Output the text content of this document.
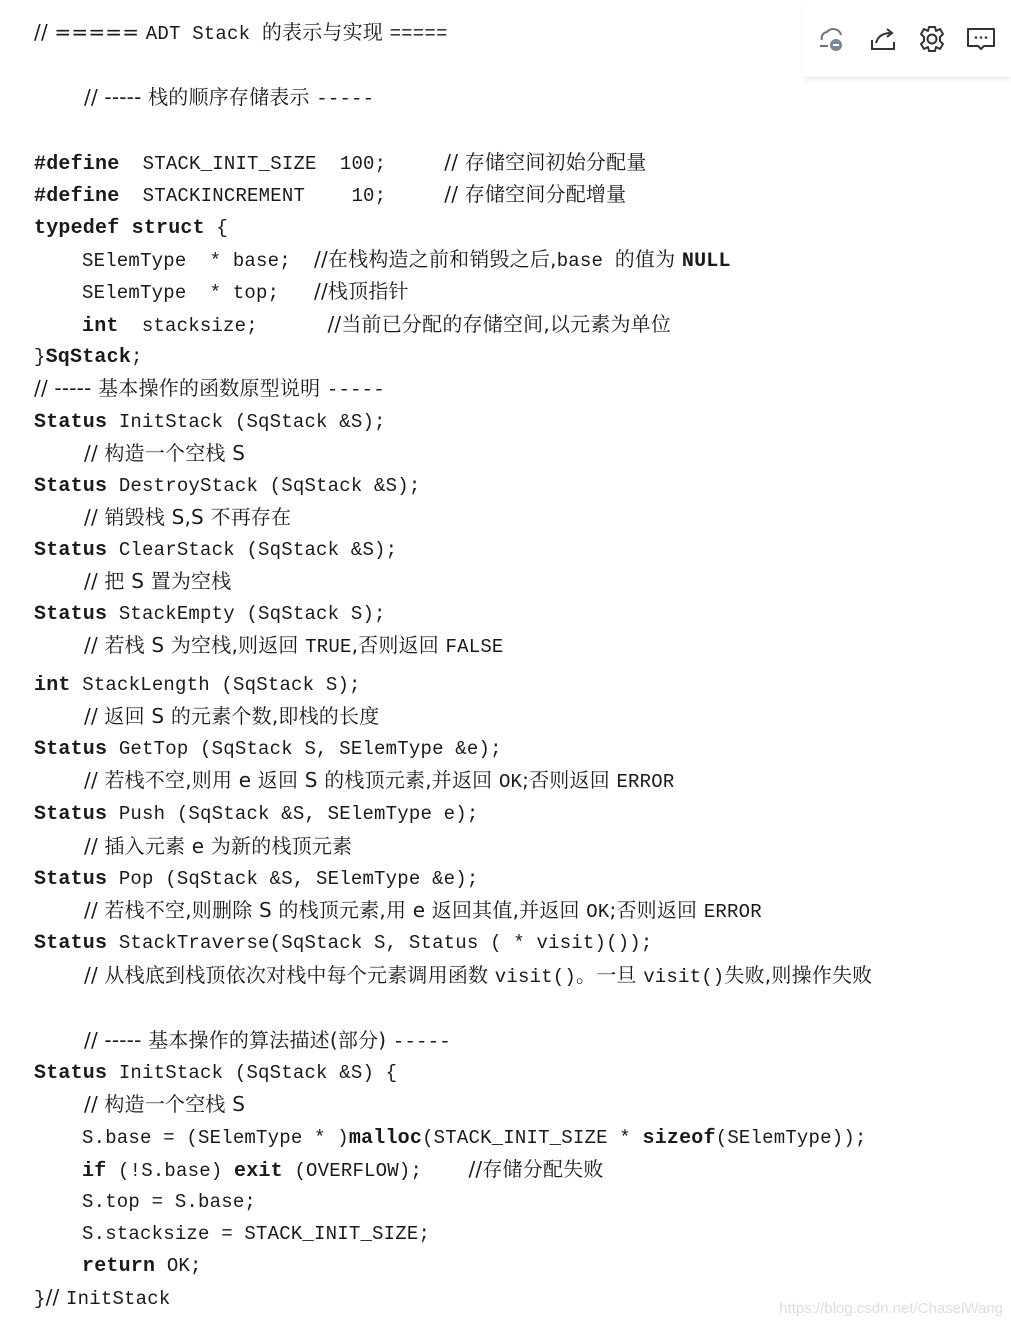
// ===== ADT Stack 的表示与实现 =====
// ----- 栈的顺序存储表示 -----
#define  STACK_INIT_SIZE  100;     // 存储空间初始分配量
#define  STACKINCREMENT    10;     // 存储空间分配增量
typedef struct {
SElemType  * base;  //在栈构造之前和销毁之后,base 的值为 NULL
SElemType  * top;   //栈顶指针
int  stacksize;      //当前已分配的存储空间,以元素为单位
}SqStack;
// ----- 基本操作的函数原型说明 -----
Status InitStack (SqStack &S);
// 构造一个空栈 S
Status DestroyStack (SqStack &S);
// 销毁栈 S,S 不再存在
Status ClearStack (SqStack &S);
// 把 S 置为空栈
Status StackEmpty (SqStack S);
// 若栈 S 为空栈,则返回 TRUE,否则返回 FALSE
int StackLength (SqStack S);
// 返回 S 的元素个数,即栈的长度
Status GetTop (SqStack S, SElemType &e);
// 若栈不空,则用 e 返回 S 的栈顶元素,并返回 OK;否则返回 ERROR
Status Push (SqStack &S, SElemType e);
// 插入元素 e 为新的栈顶元素
Status Pop (SqStack &S, SElemType &e);
// 若栈不空,则删除 S 的栈顶元素,用 e 返回其值,并返回 OK;否则返回 ERROR
Status StackTraverse(SqStack S, Status ( * visit)());
// 从栈底到栈顶依次对栈中每个元素调用函数 visit()。一旦 visit()失败,则操作失败
// ----- 基本操作的算法描述(部分) -----
Status InitStack (SqStack &S) {
// 构造一个空栈 S
S.base = (SElemType * )malloc(STACK_INIT_SIZE * sizeof(SElemType));
if (!S.base) exit (OVERFLOW);    //存储分配失败
S.top = S.base;
S.stacksize = STACK_INIT_SIZE;
return OK;
}// InitStack	https://blog.csdn.net/ChaselWang
